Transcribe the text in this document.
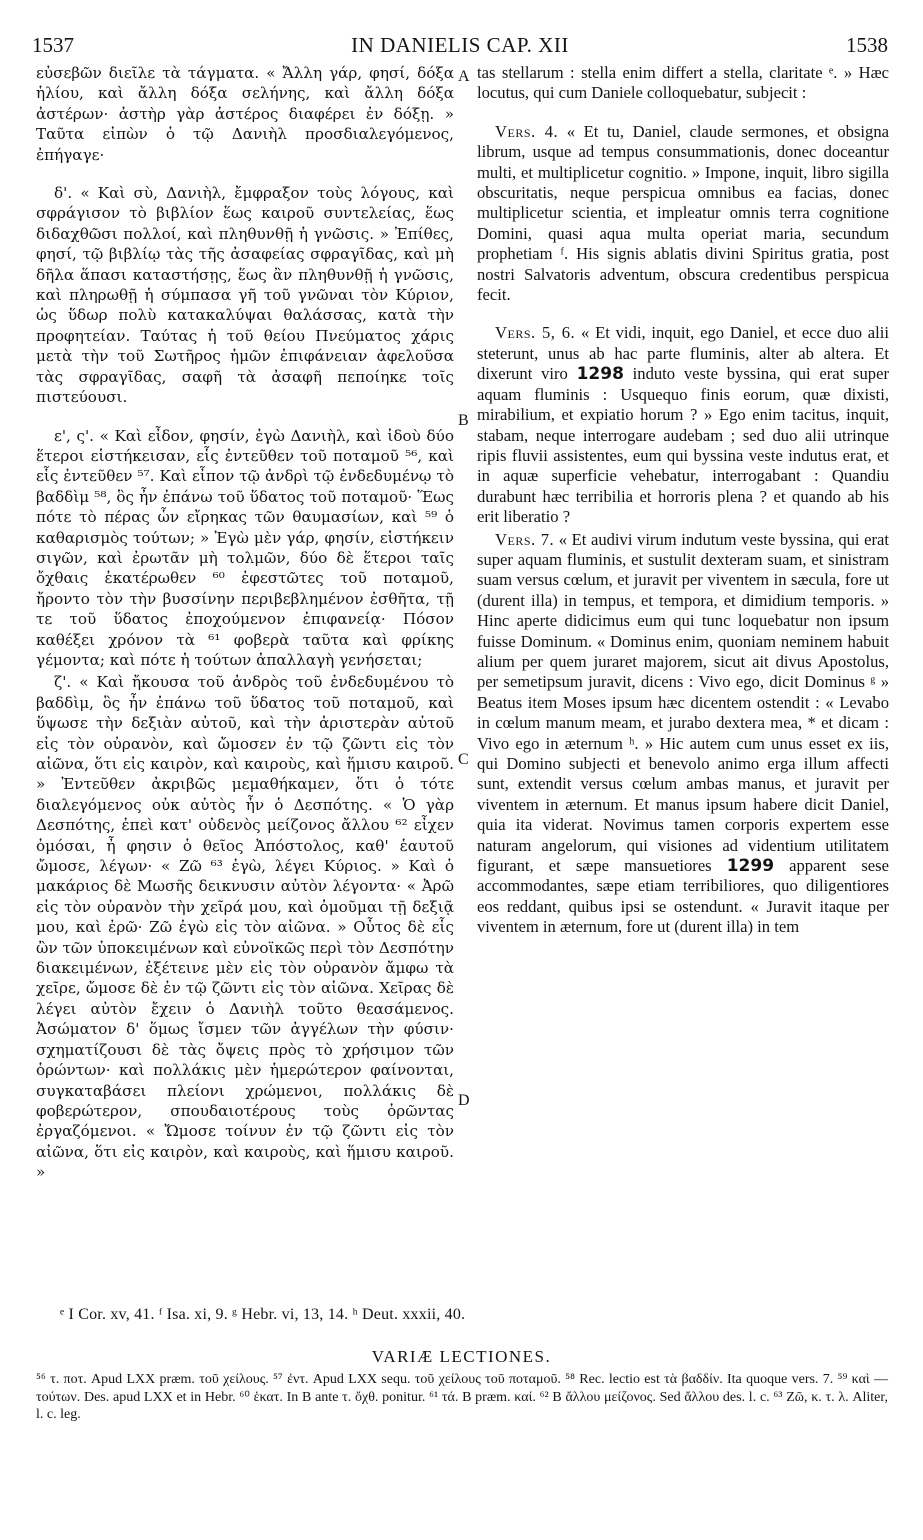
1537	IN DANIELIS CAP. XII	1538

εὐσεβῶν διεῖλε τὰ τάγματα. « Ἄλλη γάρ, φησί, δόξα ἡλίου, καὶ ἄλλη δόξα σελήνης, καὶ ἄλλη δόξα ἀστέρων· ἀστὴρ γὰρ ἀστέρος διαφέρει ἐν δόξῃ. » Ταῦτα εἰπὼν ὁ τῷ Δανιὴλ προσδιαλεγόμενος, ἐπήγαγε·

δ'. « Καὶ σὺ, Δανιὴλ, ἔμφραξον τοὺς λόγους, καὶ σφράγισον τὸ βιβλίον ἕως καιροῦ συντελείας, ἕως διδαχθῶσι πολλοί, καὶ πληθυνθῇ ἡ γνῶσις. » Ἐπίθες, φησί, τῷ βιβλίῳ τὰς τῆς ἀσαφείας σφραγῖδας, καὶ μὴ δῆλα ἅπασι καταστήσῃς, ἕως ἂν πληθυνθῇ ἡ γνῶσις, καὶ πληρωθῇ ἡ σύμπασα γῆ τοῦ γνῶναι τὸν Κύριον, ὡς ὕδωρ πολὺ κατακαλύψαι θαλάσσας, κατὰ τὴν προφητείαν. Ταύτας ἡ τοῦ θείου Πνεύματος χάρις μετὰ τὴν τοῦ Σωτῆρος ἡμῶν ἐπιφάνειαν ἀφελοῦσα τὰς σφραγῖδας, σαφῆ τὰ ἀσαφῆ πεποίηκε τοῖς πιστεύουσι.

ε', ς'. « Καὶ εἶδον, φησίν, ἐγὼ Δανιὴλ, καὶ ἰδοὺ δύο ἕτεροι εἱστήκεισαν, εἷς ἐντεῦθεν τοῦ ποταμοῦ ⁵⁶, καὶ εἷς ἐντεῦθεν ⁵⁷. Καὶ εἶπον τῷ ἀνδρὶ τῷ ἐνδεδυμένῳ τὸ βαδδὶμ ⁵⁸, ὃς ἦν ἐπάνω τοῦ ὕδατος τοῦ ποταμοῦ· Ἕως πότε τὸ πέρας ὧν εἴρηκας τῶν θαυμασίων, καὶ ⁵⁹ ὁ καθαρισμὸς τούτων; » Ἐγὼ μὲν γάρ, φησίν, εἱστήκειν σιγῶν, καὶ ἐρωτᾶν μὴ τολμῶν, δύο δὲ ἕτεροι ταῖς ὄχθαις ἑκατέρωθεν ⁶⁰ ἐφεστῶτες τοῦ ποταμοῦ, ἤροντο τὸν τὴν βυσσίνην περιβεβλημένον ἐσθῆτα, τῇ τε τοῦ ὕδατος ἐποχούμενον ἐπιφανείᾳ· Πόσον καθέξει χρόνον τὰ ⁶¹ φοβερὰ ταῦτα καὶ φρίκης γέμοντα; καὶ πότε ἡ τούτων ἀπαλλαγὴ γενήσεται;

ζ'. « Καὶ ἤκουσα τοῦ ἀνδρὸς τοῦ ἐνδεδυμένου τὸ βαδδὶμ, ὃς ἦν ἐπάνω τοῦ ὕδατος τοῦ ποταμοῦ, καὶ ὕψωσε τὴν δεξιὰν αὐτοῦ, καὶ τὴν ἀριστερὰν αὐτοῦ εἰς τὸν οὐρανὸν, καὶ ὤμοσεν ἐν τῷ ζῶντι εἰς τὸν αἰῶνα, ὅτι εἰς καιρὸν, καὶ καιροὺς, καὶ ἥμισυ καιροῦ. » Ἐντεῦθεν ἀκριβῶς μεμαθήκαμεν, ὅτι ὁ τότε διαλεγόμενος οὐκ αὐτὸς ἦν ὁ Δεσπότης. « Ὁ γὰρ Δεσπότης, ἐπεὶ κατ' οὐδενὸς μείζονος ἄλλου ⁶² εἶχεν ὀμόσαι, ἦ φησιν ὁ θεῖος Ἀπόστολος, καθ' ἑαυτοῦ ὤμοσε, λέγων· « Ζῶ ⁶³ ἐγὼ, λέγει Κύριος. » Καὶ ὁ μακάριος δὲ Μωσῆς δεικνυσιν αὐτὸν λέγοντα· « Ἀρῶ εἰς τὸν οὐρανὸν τὴν χεῖρά μου, καὶ ὀμοῦμαι τῇ δεξιᾷ μου, καὶ ἐρῶ· Ζῶ ἐγὼ εἰς τὸν αἰῶνα. » Οὗτος δὲ εἷς ὢν τῶν ὑποκειμένων καὶ εὐνοϊκῶς περὶ τὸν Δεσπότην διακειμένων, ἐξέτεινε μὲν εἰς τὸν οὐρανὸν ἄμφω τὰ χεῖρε, ὤμοσε δὲ ἐν τῷ ζῶντι εἰς τὸν αἰῶνα. Χεῖρας δὲ λέγει αὐτὸν ἔχειν ὁ Δανιὴλ τοῦτο θεασάμενος. Ἀσώματον δ' ὅμως ἴσμεν τῶν ἀγγέλων τὴν φύσιν· σχηματίζουσι δὲ τὰς ὄψεις πρὸς τὸ χρήσιμον τῶν ὁρώντων· καὶ πολλάκις μὲν ἡμερώτερον φαίνονται, συγκαταβάσει πλείονι χρώμενοι, πολλάκις δὲ φοβερώτερον, σπουδαιοτέρους τοὺς ὁρῶντας ἐργαζόμενοι. « Ὤμοσε τοίνυν ἐν τῷ ζῶντι εἰς τὸν αἰῶνα, ὅτι εἰς καιρὸν, καὶ καιροὺς, καὶ ἥμισυ καιροῦ. »

tas stellarum : stella enim differt a stella, claritate ᵉ. » Hæc locutus, qui cum Daniele colloquebatur, subjecit :

Vers. 4. « Et tu, Daniel, claude sermones, et obsigna librum, usque ad tempus consummationis, donec doceantur multi, et multiplicetur cognitio. » Impone, inquit, libro sigilla obscuritatis, neque perspicua omnibus ea facias, donec multiplicetur scientia, et impleatur omnis terra cognitione Domini, quasi aqua multa operiat maria, secundum prophetiam ᶠ. His signis ablatis divini Spiritus gratia, post nostri Salvatoris adventum, obscura credentibus perspicua fecit.

Vers. 5, 6. « Et vidi, inquit, ego Daniel, et ecce duo alii steterunt, unus ab hac parte fluminis, alter ab altera. Et dixerunt viro 1298 induto veste byssina, qui erat super aquam fluminis : Usquequo finis eorum, quæ dixisti, mirabilium, et expiatio horum ? » Ego enim tacitus, inquit, stabam, neque interrogare audebam ; sed duo alii utrinque ripis fluvii assistentes, eum qui byssina veste indutus erat, et in aquæ superficie vehebatur, interrogabant : Quandiu durabunt hæc terribilia et horroris plena ? et quando ab his erit liberatio ?

Vers. 7. « Et audivi virum indutum veste byssina, qui erat super aquam fluminis, et sustulit dexteram suam, et sinistram suam versus cœlum, et juravit per viventem in sæcula, fore ut (durent illa) in tempus, et tempora, et dimidium temporis. » Hinc aperte didicimus eum qui tunc loquebatur non ipsum fuisse Dominum. « Dominus enim, quoniam neminem habuit alium per quem juraret majorem, sicut ait divus Apostolus, per semetipsum juravit, dicens : Vivo ego, dicit Dominus ᵍ » Beatus item Moses ipsum hæc dicentem ostendit : « Levabo in cœlum manum meam, et jurabo dextera mea, * et dicam : Vivo ego in æternum ʰ. » Hic autem cum unus esset ex iis, qui Domino subjecti et benevolo animo erga illum affecti sunt, extendit versus cœlum ambas manus, et juravit per viventem in æternum. Et manus ipsum habere dicit Daniel, quia ita viderat. Novimus tamen corporis expertem esse naturam angelorum, qui visiones ad videntium utilitatem figurant, et sæpe mansuetiores 1299 apparent sese accommodantes, sæpe etiam terribiliores, quo diligentiores eos reddant, quibus ipsi se ostendunt. « Juravit itaque per viventem in æternum, fore ut (durent illa) in tem

A
B
C
D
ᵉ I Cor. xv, 41. ᶠ Isa. xi, 9. ᵍ Hebr. vi, 13, 14. ʰ Deut. xxxii, 40.
VARIÆ LECTIONES.
⁵⁶ τ. ποτ. Apud LXX præm. τοῦ χείλους. ⁵⁷ ἐντ. Apud LXX sequ. τοῦ χείλους τοῦ ποταμοῦ. ⁵⁸ Rec. lectio est τὰ βαδδίν. Ita quoque vers. 7. ⁵⁹ καὶ — τούτων. Des. apud LXX et in Hebr. ⁶⁰ ἑκατ. In B ante τ. ὄχθ. ponitur. ⁶¹ τά. B præm. καί. ⁶² B ἄλλου μείζονος. Sed ἄλλου des. l. c. ⁶³ Ζῶ, κ. τ. λ. Aliter, l. c. leg.
